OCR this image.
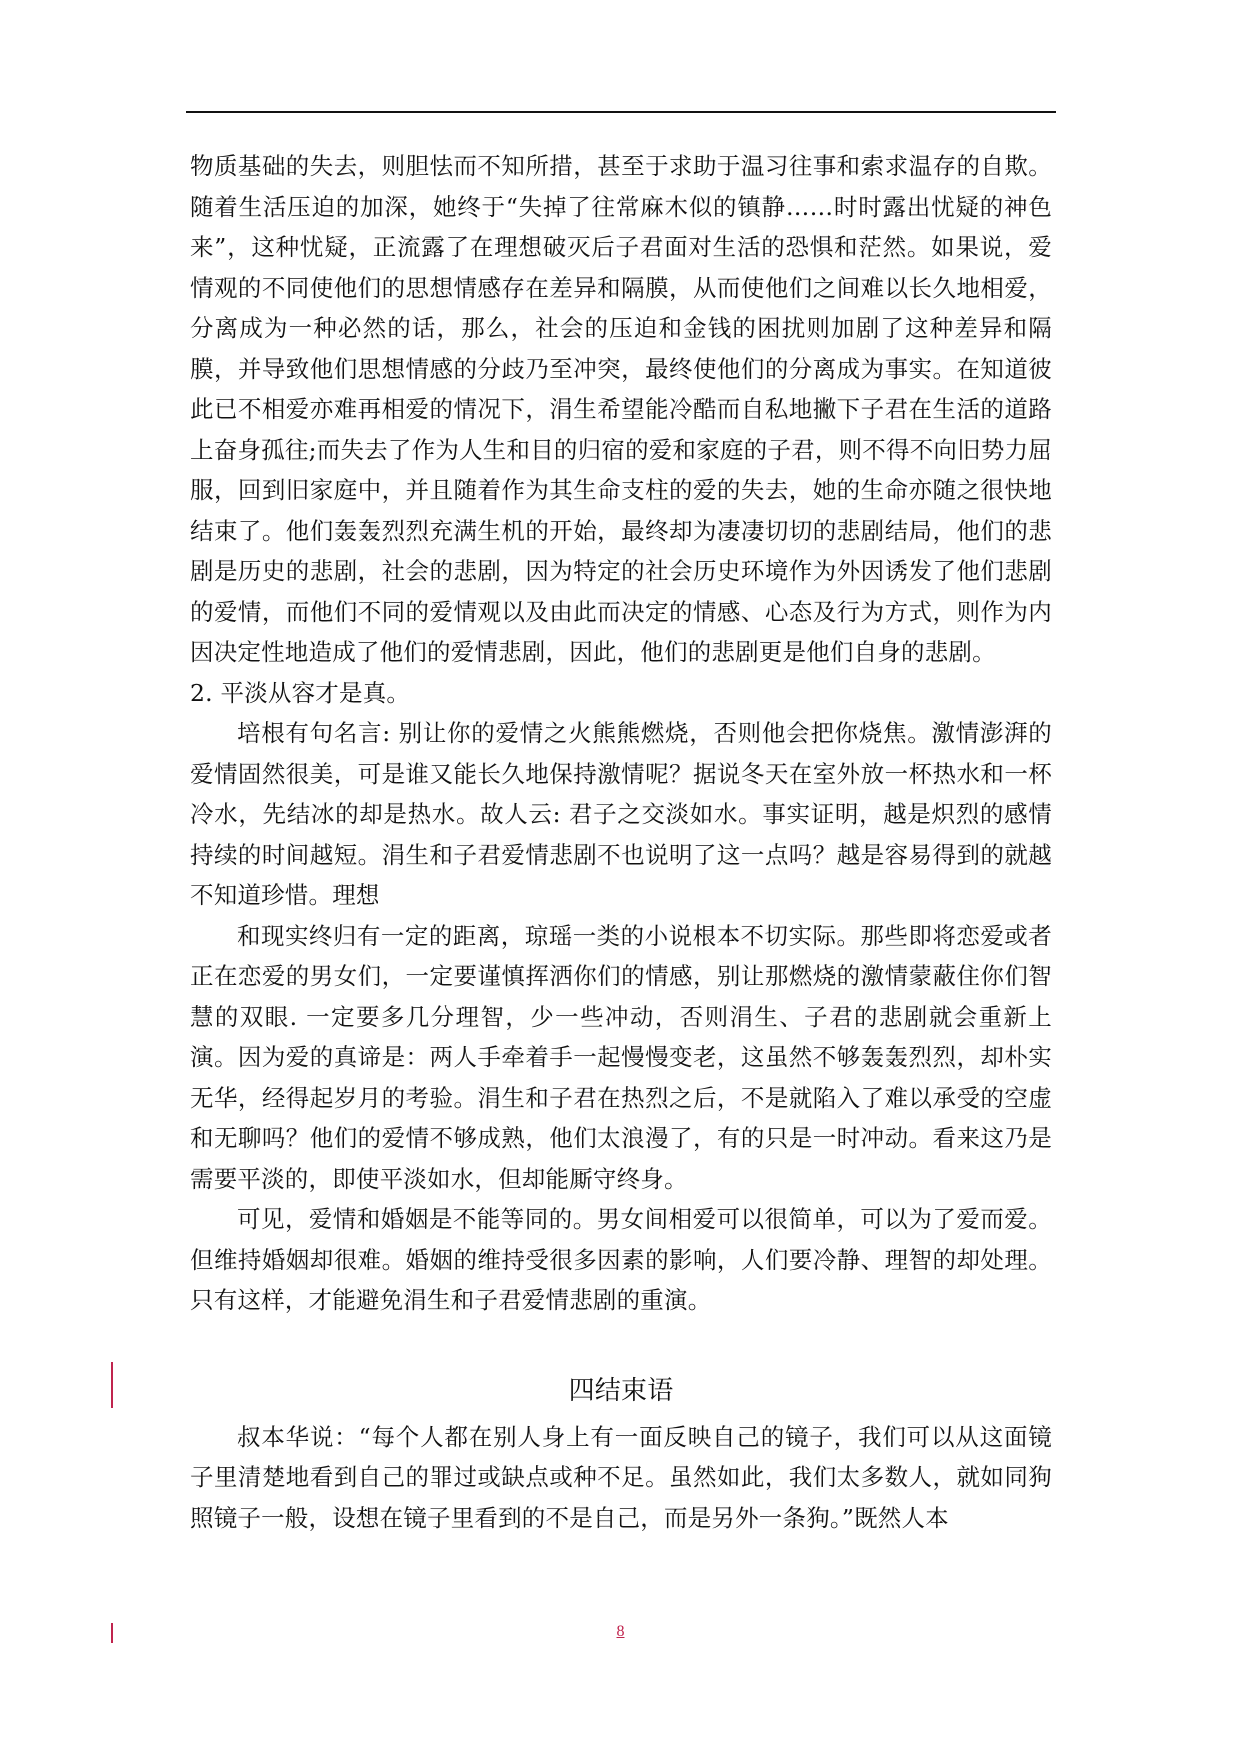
物质基础的失去，则胆怯而不知所措，甚至于求助于温习往事和索求温存的自欺。随着生活压迫的加深，她终于“失掉了往常麻木似的镇静……时时露出忧疑的神色来”，这种忧疑，正流露了在理想破灭后子君面对生活的恐惧和茫然。如果说，爱情观的不同使他们的思想情感存在差异和隔膜，从而使他们之间难以长久地相爱，分离成为一种必然的话，那么，社会的压迫和金钱的困扰则加剧了这种差异和隔膜，并导致他们思想情感的分歧乃至冲突，最终使他们的分离成为事实。在知道彼此已不相爱亦难再相爱的情况下，涓生希望能冷酷而自私地撇下子君在生活的道路上奋身孤往;而失去了作为人生和目的归宿的爱和家庭的子君，则不得不向旧势力屈服，回到旧家庭中，并且随着作为其生命支柱的爱的失去，她的生命亦随之很快地结束了。他们轰轰烈烈充满生机的开始，最终却为凄凄切切的悲剧结局，他们的悲剧是历史的悲剧，社会的悲剧，因为特定的社会历史环境作为外因诱发了他们悲剧的爱情，而他们不同的爱情观以及由此而决定的情感、心态及行为方式，则作为内因决定性地造成了他们的爱情悲剧，因此，他们的悲剧更是他们自身的悲剧。

2. 平淡从容才是真。

培根有句名言: 别让你的爱情之火熊熊燃烧，否则他会把你烧焦。激情澎湃的爱情固然很美，可是谁又能长久地保持激情呢？据说冬天在室外放一杯热水和一杯冷水，先结冰的却是热水。故人云: 君子之交淡如水。事实证明，越是炽烈的感情持续的时间越短。涓生和子君爱情悲剧不也说明了这一点吗？越是容易得到的就越不知道珍惜。理想

和现实终归有一定的距离，琼瑶一类的小说根本不切实际。那些即将恋爱或者正在恋爱的男女们，一定要谨慎挥洒你们的情感，别让那燃烧的激情蒙蔽住你们智慧的双眼. 一定要多几分理智，少一些冲动，否则涓生、子君的悲剧就会重新上演。因为爱的真谛是：两人手牵着手一起慢慢变老，这虽然不够轰轰烈烈，却朴实无华，经得起岁月的考验。涓生和子君在热烈之后，不是就陷入了难以承受的空虚和无聊吗？他们的爱情不够成熟，他们太浪漫了，有的只是一时冲动。看来这乃是需要平淡的，即使平淡如水，但却能厮守终身。

可见，爱情和婚姻是不能等同的。男女间相爱可以很简单，可以为了爱而爱。但维持婚姻却很难。婚姻的维持受很多因素的影响，人们要冷静、理智的却处理。只有这样，才能避免涓生和子君爱情悲剧的重演。

四结束语

叔本华说：“每个人都在别人身上有一面反映自己的镜子，我们可以从这面镜子里清楚地看到自己的罪过或缺点或种不足。虽然如此，我们太多数人，就如同狗照镜子一般，设想在镜子里看到的不是自己，而是另外一条狗。”既然人本

8
